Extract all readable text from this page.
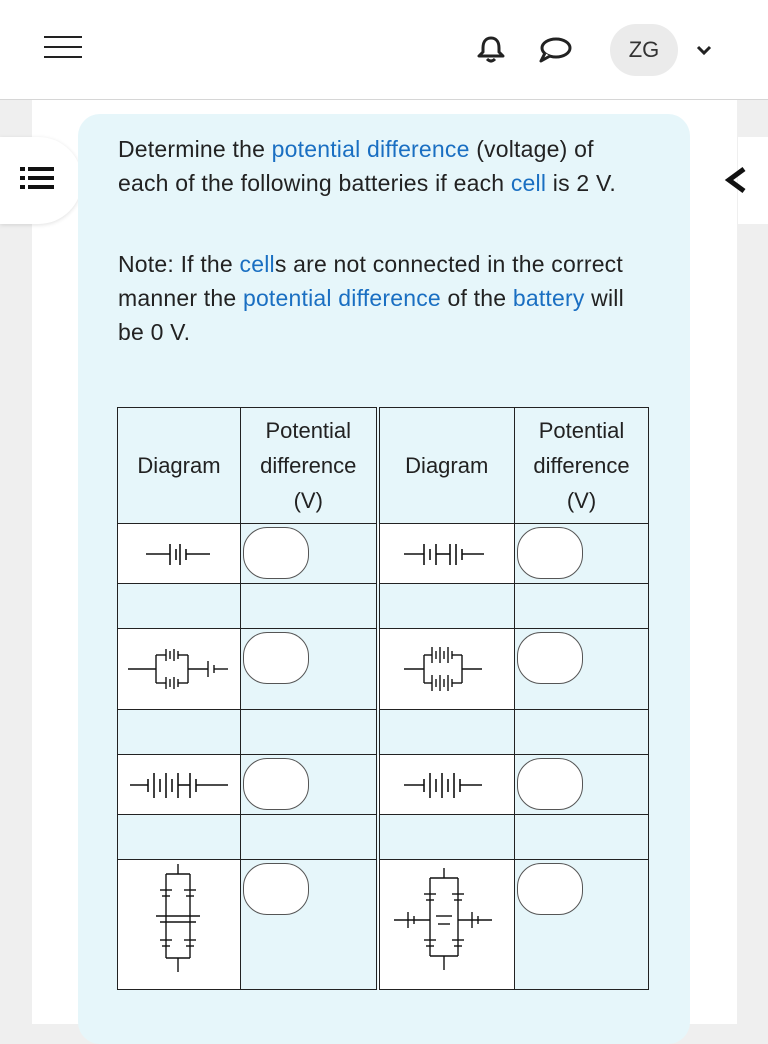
ZG

Determine the potential difference (voltage) of each of the following batteries if each cell is 2 V.

Note: If the cells are not connected in the correct manner the potential difference of the battery will be 0 V.

Diagram	Potential
difference
(V)	Diagram	Potential
difference
(V)
